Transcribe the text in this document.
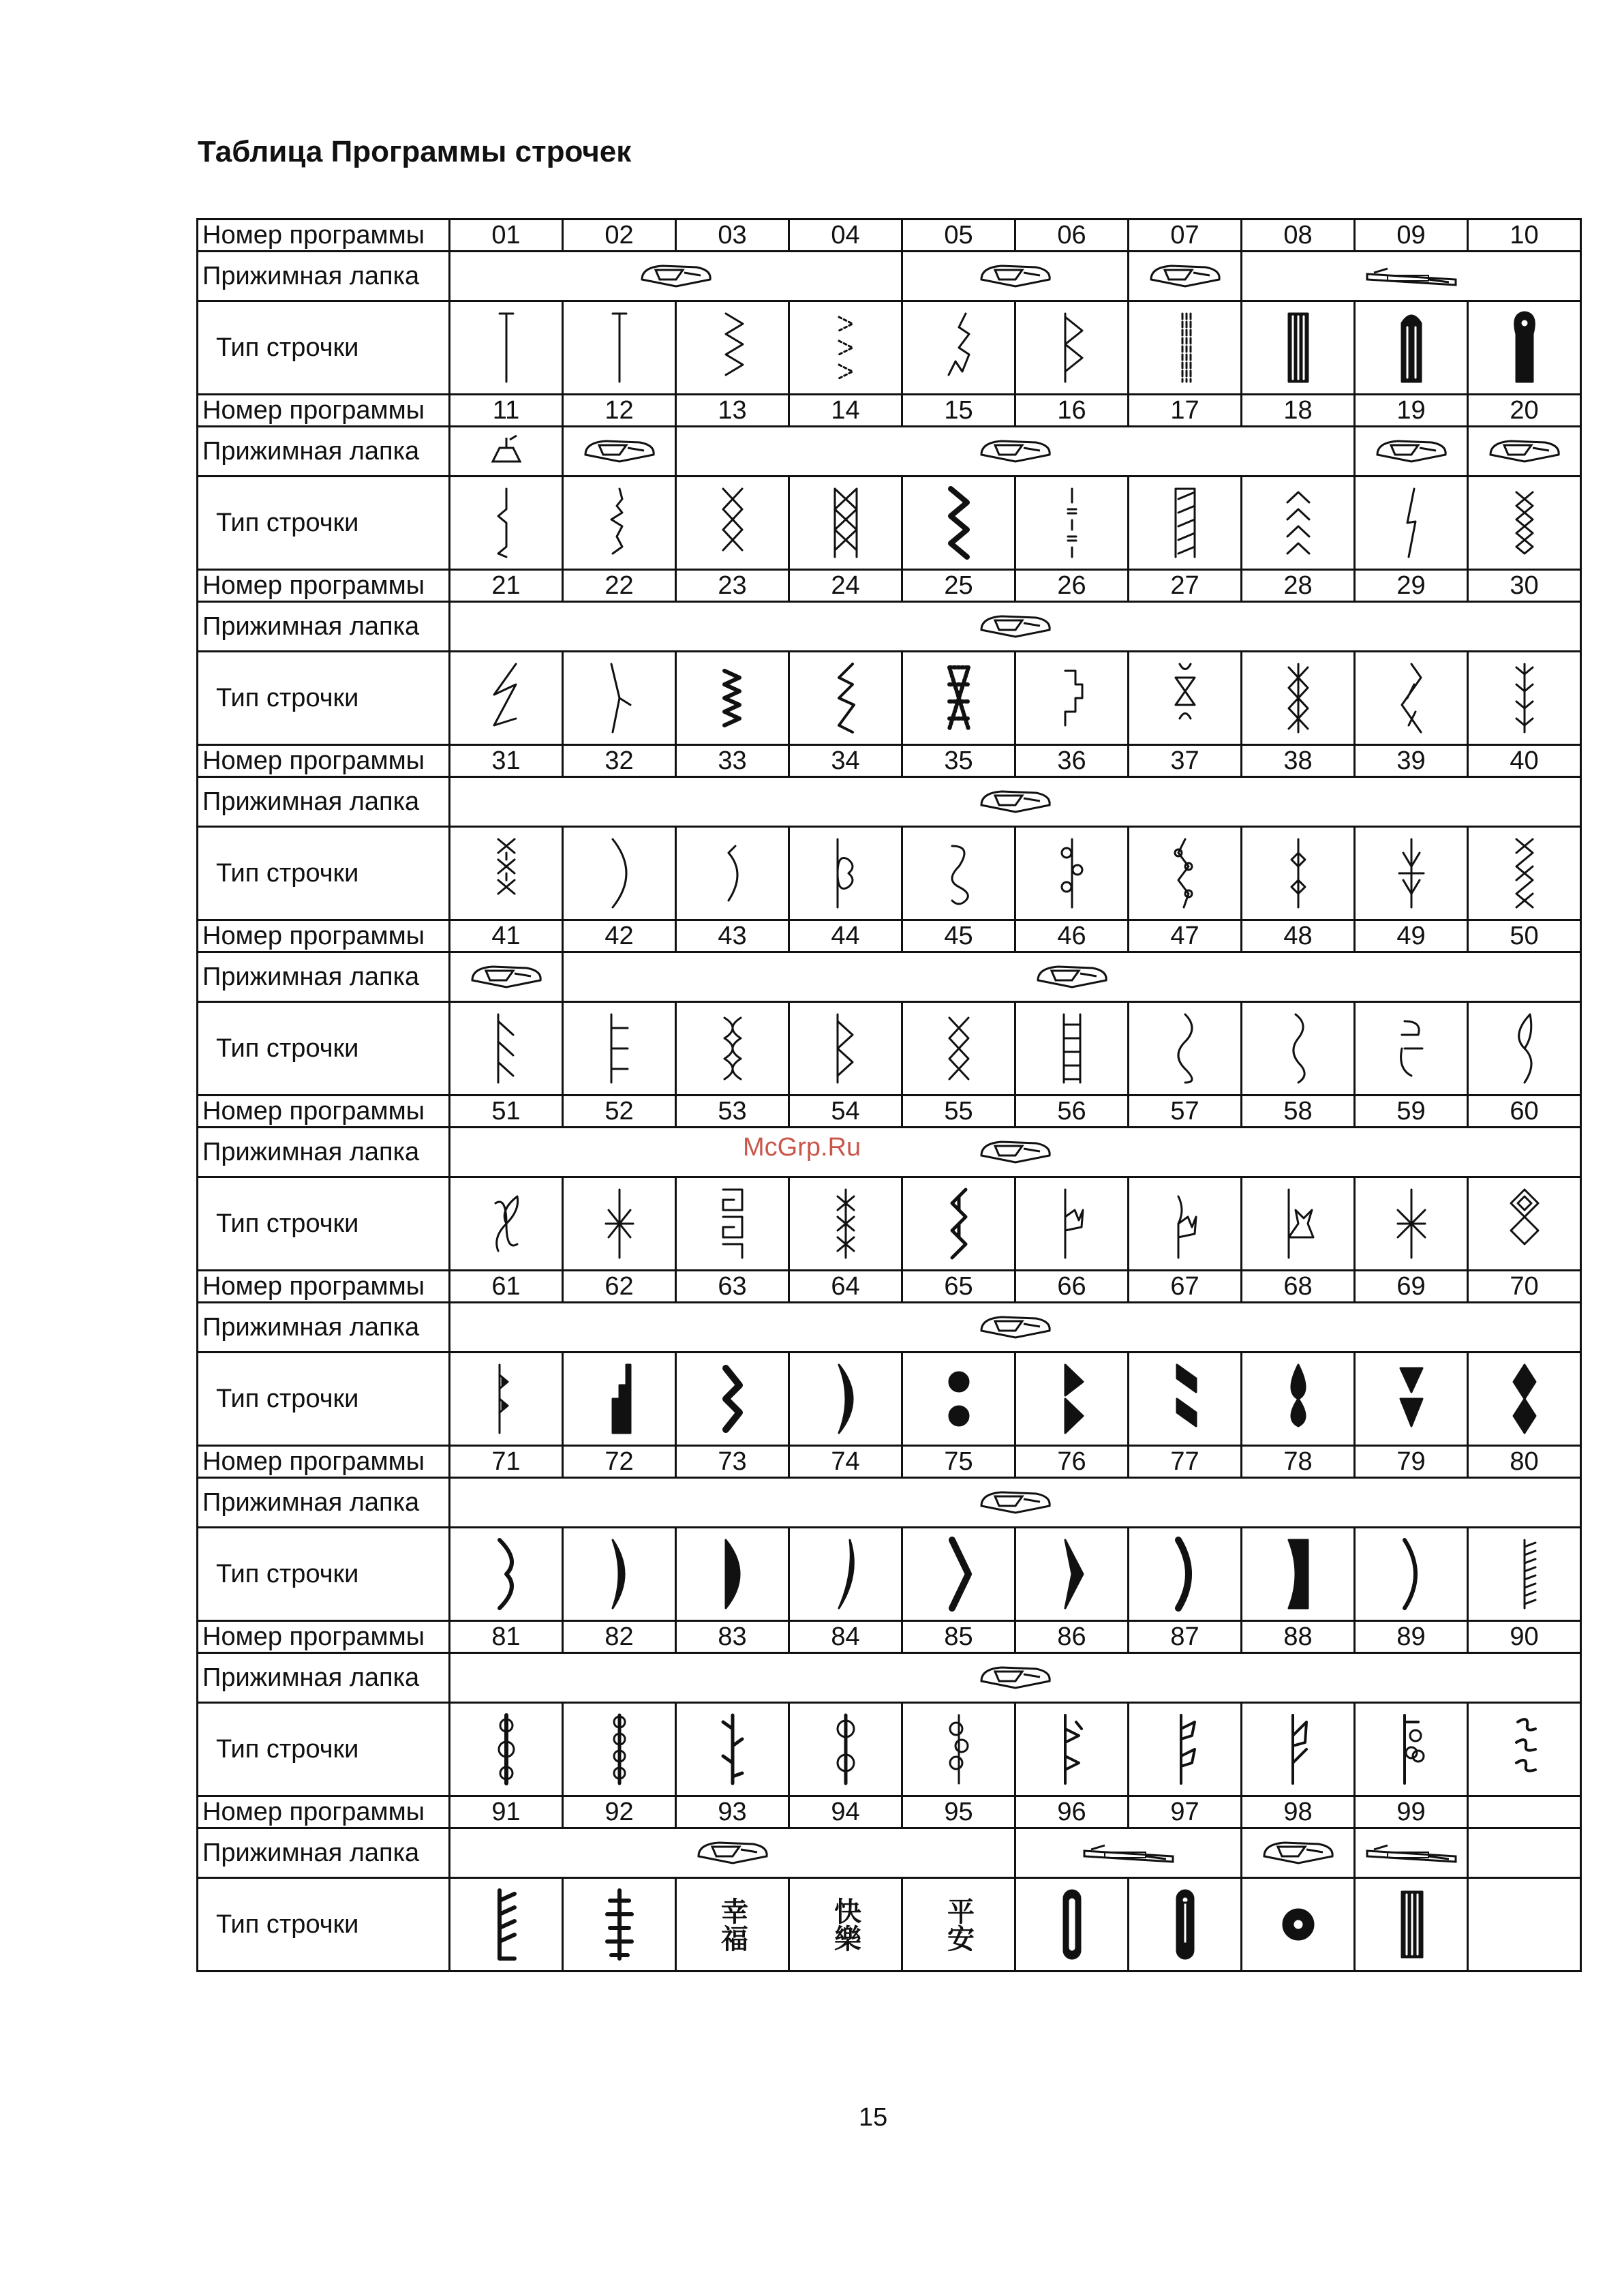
Таблица Программы строчек
McGrp.Ru
Номер программы	01	02	03	04	05	06	07	08	09	10
Прижимная лапка	

Тип строчки	

Номер программы	11	12	13	14	15	16	17	18	19	20
Прижимная лапка	

Тип строчки	

Номер программы	21	22	23	24	25	26	27	28	29	30
Прижимная лапка	

Тип строчки	

Номер программы	31	32	33	34	35	36	37	38	39	40
Прижимная лапка	

Тип строчки	

Номер программы	41	42	43	44	45	46	47	48	49	50
Прижимная лапка	

Тип строчки	

Номер программы	51	52	53	54	55	56	57	58	59	60
Прижимная лапка	

Тип строчки	

Номер программы	61	62	63	64	65	66	67	68	69	70
Прижимная лапка	

Тип строчки	

Номер программы	71	72	73	74	75	76	77	78	79	80
Прижимная лапка	

Тип строчки	

Номер программы	81	82	83	84	85	86	87	88	89	90
Прижимная лапка	

Тип строчки	

Номер программы	91	92	93	94	95	96	97	98	99	
Прижимная лапка	

Тип строчки			幸福	快樂	平安

15
